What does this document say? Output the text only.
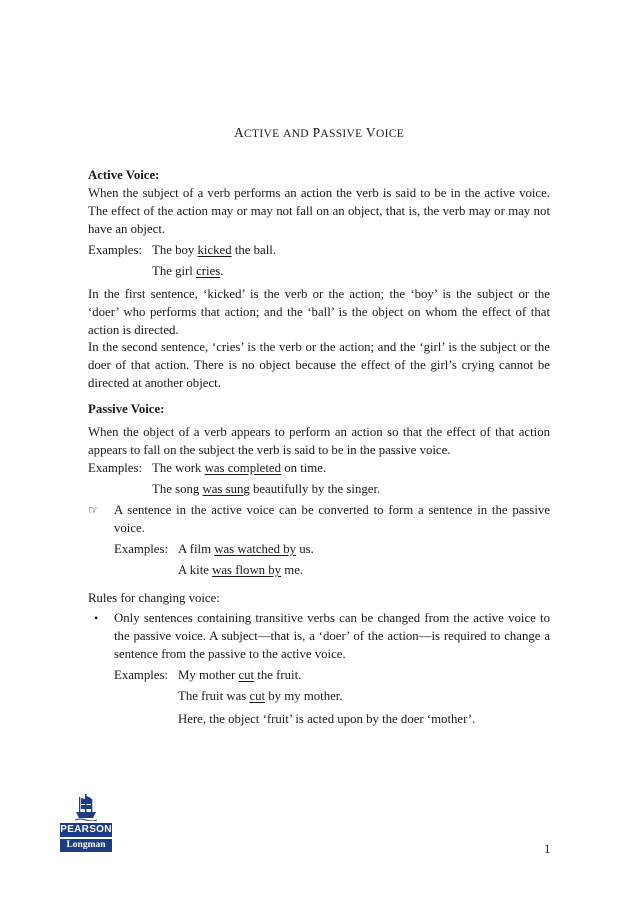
ACTIVE AND PASSIVE VOICE
Active Voice:
When the subject of a verb performs an action the verb is said to be in the active voice. The effect of the action may or may not fall on an object, that is, the verb may or may not have an object.
Examples: The boy kicked the ball.
The girl cries.
In the first sentence, ‘kicked’ is the verb or the action; the ‘boy’ is the subject or the ‘doer’ who performs that action; and the ‘ball’ is the object on whom the effect of that action is directed.
In the second sentence, ‘cries’ is the verb or the action; and the ‘girl’ is the subject or the doer of that action. There is no object because the effect of the girl’s crying cannot be directed at another object.
Passive Voice:
When the object of a verb appears to perform an action so that the effect of that action appears to fall on the subject the verb is said to be in the passive voice.
Examples: The work was completed on time.
The song was sung beautifully by the singer.
☞	A sentence in the active voice can be converted to form a sentence in the passive voice.
Examples: A film was watched by us.
A kite was flown by me.
Rules for changing voice:
•	Only sentences containing transitive verbs can be changed from the active voice to the passive voice. A subject—that is, a ‘doer’ of the action—is required to change a sentence from the passive to the active voice.
Examples: My mother cut the fruit.
The fruit was cut by my mother.
Here, the object ‘fruit’ is acted upon by the doer ‘mother’.
PEARSON
Longman	1
